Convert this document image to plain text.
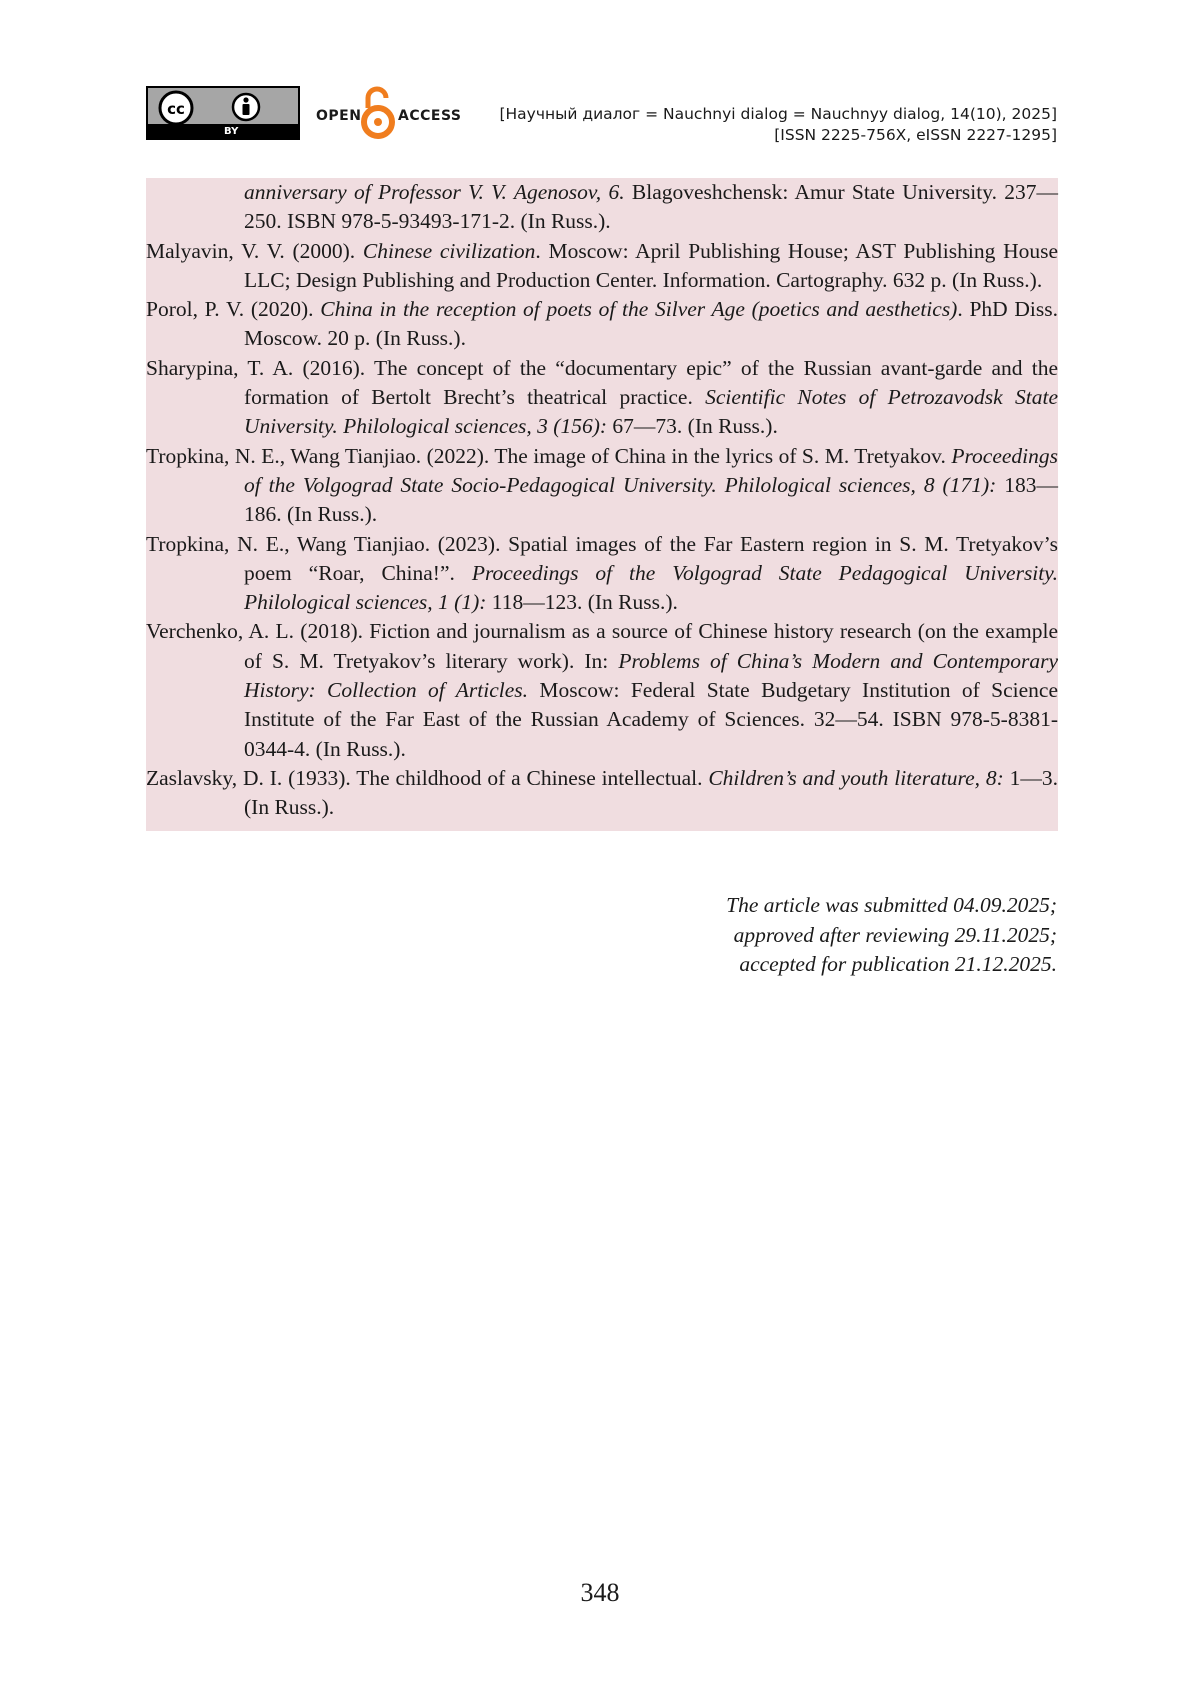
cc
BY
OPEN	ACCESS [Научный диалог = Nauchnyi dialog = Nauchnyy dialog, 14(10), 2025]
[ISSN 2225-756X, eISSN 2227-1295]

anniversary of Professor V. V. Agenosov, 6. Blagoveshchensk: Amur State University. 237—250. ISBN 978-5-93493-171-2. (In Russ.).

Malyavin, V. V. (2000). Chinese civilization. Moscow: April Publishing House; AST Publishing House LLC; Design Publishing and Production Center. Information. Cartography. 632 p. (In Russ.).

Porol, P. V. (2020). China in the reception of poets of the Silver Age (poetics and aesthetics). PhD Diss. Moscow. 20 p. (In Russ.).

Sharypina, T. A. (2016). The concept of the “documentary epic” of the Russian avant-garde and the formation of Bertolt Brecht’s theatrical practice. Scientific Notes of Petrozavodsk State University. Philological sciences, 3 (156): 67—73. (In Russ.).

Tropkina, N. E., Wang Tianjiao. (2022). The image of China in the lyrics of S. M. Tretyakov. Proceedings of the Volgograd State Socio-Pedagogical University. Philological sciences, 8 (171): 183—186. (In Russ.).

Tropkina, N. E., Wang Tianjiao. (2023). Spatial images of the Far Eastern region in S. M. Tretyakov’s poem “Roar, China!”. Proceedings of the Volgograd State Pedagogical University. Philological sciences, 1 (1): 118—123. (In Russ.).

Verchenko, A. L. (2018). Fiction and journalism as a source of Chinese history research (on the example of S. M. Tretyakov’s literary work). In: Problems of China’s Modern and Contemporary History: Collection of Articles. Moscow: Federal State Budgetary Institution of Science Institute of the Far East of the Russian Academy of Sciences. 32—54. ISBN 978-5-8381-0344-4. (In Russ.).

Zaslavsky, D. I. (1933). The childhood of a Chinese intellectual. Children’s and youth literature, 8: 1—3. (In Russ.).

The article was submitted 04.09.2025;
approved after reviewing 29.11.2025;
accepted for publication 21.12.2025.
348
